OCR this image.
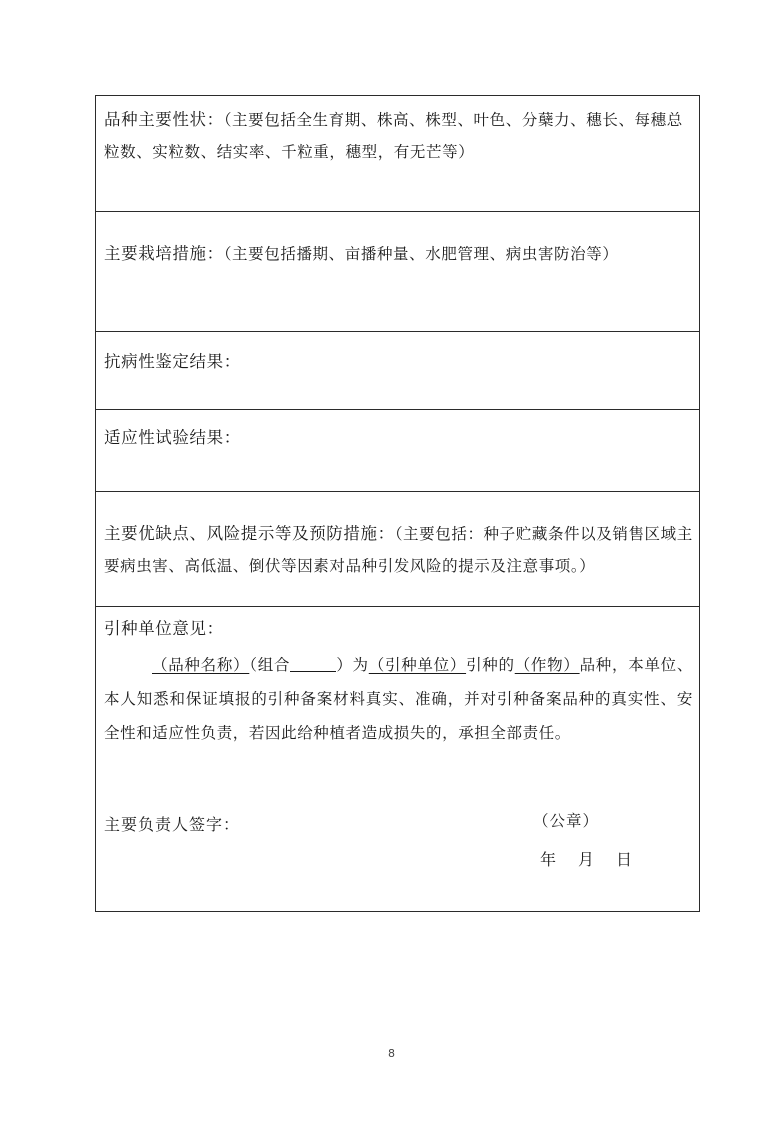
品种主要性状：（主要包括全生育期、株高、株型、叶色、分蘖力、穗长、每穗总粒数、实粒数、结实率、千粒重，穗型，有无芒等）
主要栽培措施：（主要包括播期、亩播种量、水肥管理、病虫害防治等）
抗病性鉴定结果：
适应性试验结果：
主要优缺点、风险提示等及预防措施：（主要包括：种子贮藏条件以及销售区域主要病虫害、高低温、倒伏等因素对品种引发风险的提示及注意事项。）
引种单位意见：
（品种名称）（组合	）为（引种单位）引种的（作物）品种，本单位、本人知悉和保证填报的引种备案材料真实、准确，并对引种备案品种的真实性、安全性和适应性负责，若因此给种植者造成损失的，承担全部责任。
主要负责人签字：	（公章）
年 月 日
8
